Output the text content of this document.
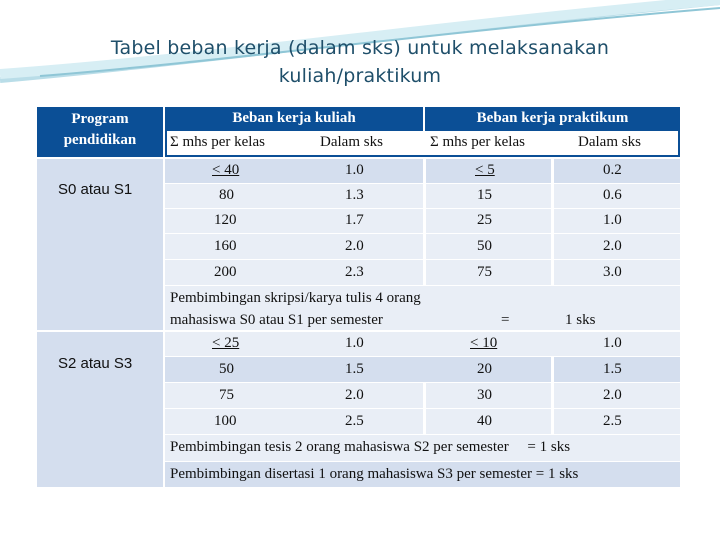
Tabel beban kerja (dalam sks) untuk melaksanakan
kuliah/praktikum
Program
pendidikan
Beban kerja kuliah	Beban kerja praktikum
Σ mhs per kelas	Dalam sks	Σ mhs per kelas	Dalam sks
S0 atau S1
< 40	1.0	< 5	0.2
80	1.3	15	0.6
120	1.7	25	1.0
160	2.0	50	2.0
200	2.3	75	3.0
Pembimbingan skripsi/karya tulis 4 orang
mahasiswa S0 atau S1 per semester	=	1 sks
S2 atau S3
< 25	1.0	< 10	1.0
50	1.5	20	1.5
75	2.0	30	2.0
100	2.5	40	2.5
Pembimbingan tesis 2 orang mahasiswa S2 per semester     = 1 sks
Pembimbingan disertasi 1 orang mahasiswa S3 per semester = 1 sks
